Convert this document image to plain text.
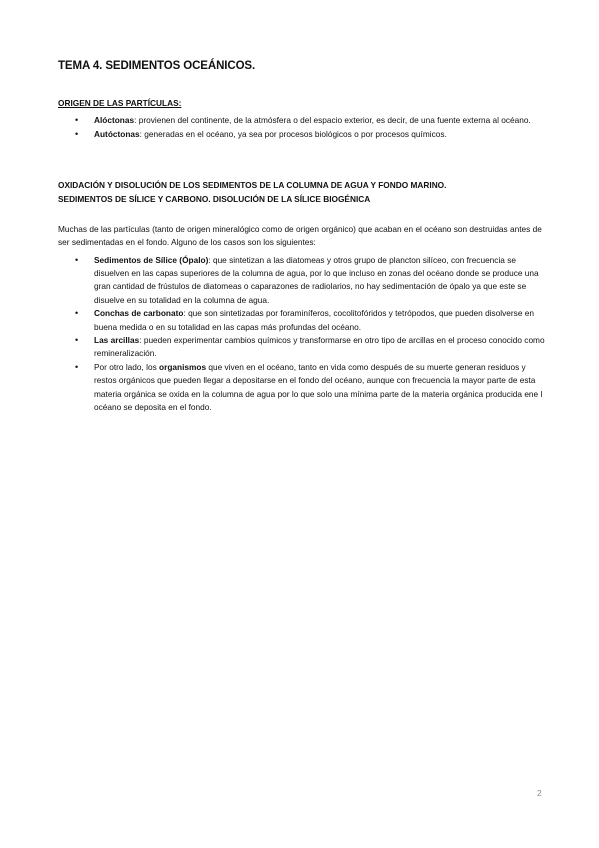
TEMA 4. SEDIMENTOS OCEÁNICOS.
ORIGEN DE LAS PARTÍCULAS:
• Alóctonas: provienen del continente, de la atmósfera o del espacio exterior, es decir, de una fuente externa al océano.
• Autóctonas: generadas en el océano, ya sea por procesos biológicos o por procesos químicos.
OXIDACIÓN Y DISOLUCIÓN DE LOS SEDIMENTOS DE LA COLUMNA DE AGUA Y FONDO MARINO.
SEDIMENTOS DE SÍLICE Y CARBONO. DISOLUCIÓN DE LA SÍLICE BIOGÉNICA
Muchas de las partículas (tanto de origen mineralógico como de origen orgánico) que acaban en el océano son destruidas antes de ser sedimentadas en el fondo. Alguno de los casos son los siguientes:
• Sedimentos de Sílice (Ópalo): que sintetizan a las diatomeas y otros grupo de plancton silíceo, con frecuencia se disuelven en las capas superiores de la columna de agua, por lo que incluso en zonas del océano donde se produce una gran cantidad de frústulos de diatomeas o caparazones de radiolarios, no hay sedimentación de ópalo ya que este se disuelve en su totalidad en la columna de agua.
• Conchas de carbonato: que son sintetizadas por foraminíferos, cocolitofóridos y tetrópodos, que pueden disolverse en buena medida o en su totalidad en las capas más profundas del océano.
• Las arcillas: pueden experimentar cambios químicos y transformarse en otro tipo de arcillas en el proceso conocido como remineralización.
• Por otro lado, los organismos que viven en el océano, tanto en vida como después de su muerte generan residuos y restos orgánicos que pueden llegar a depositarse en el fondo del océano, aunque con frecuencia la mayor parte de esta materia orgánica se oxida en la columna de agua por lo que solo una mínima parte de la materia orgánica producida ene l océano se deposita en el fondo.
2
